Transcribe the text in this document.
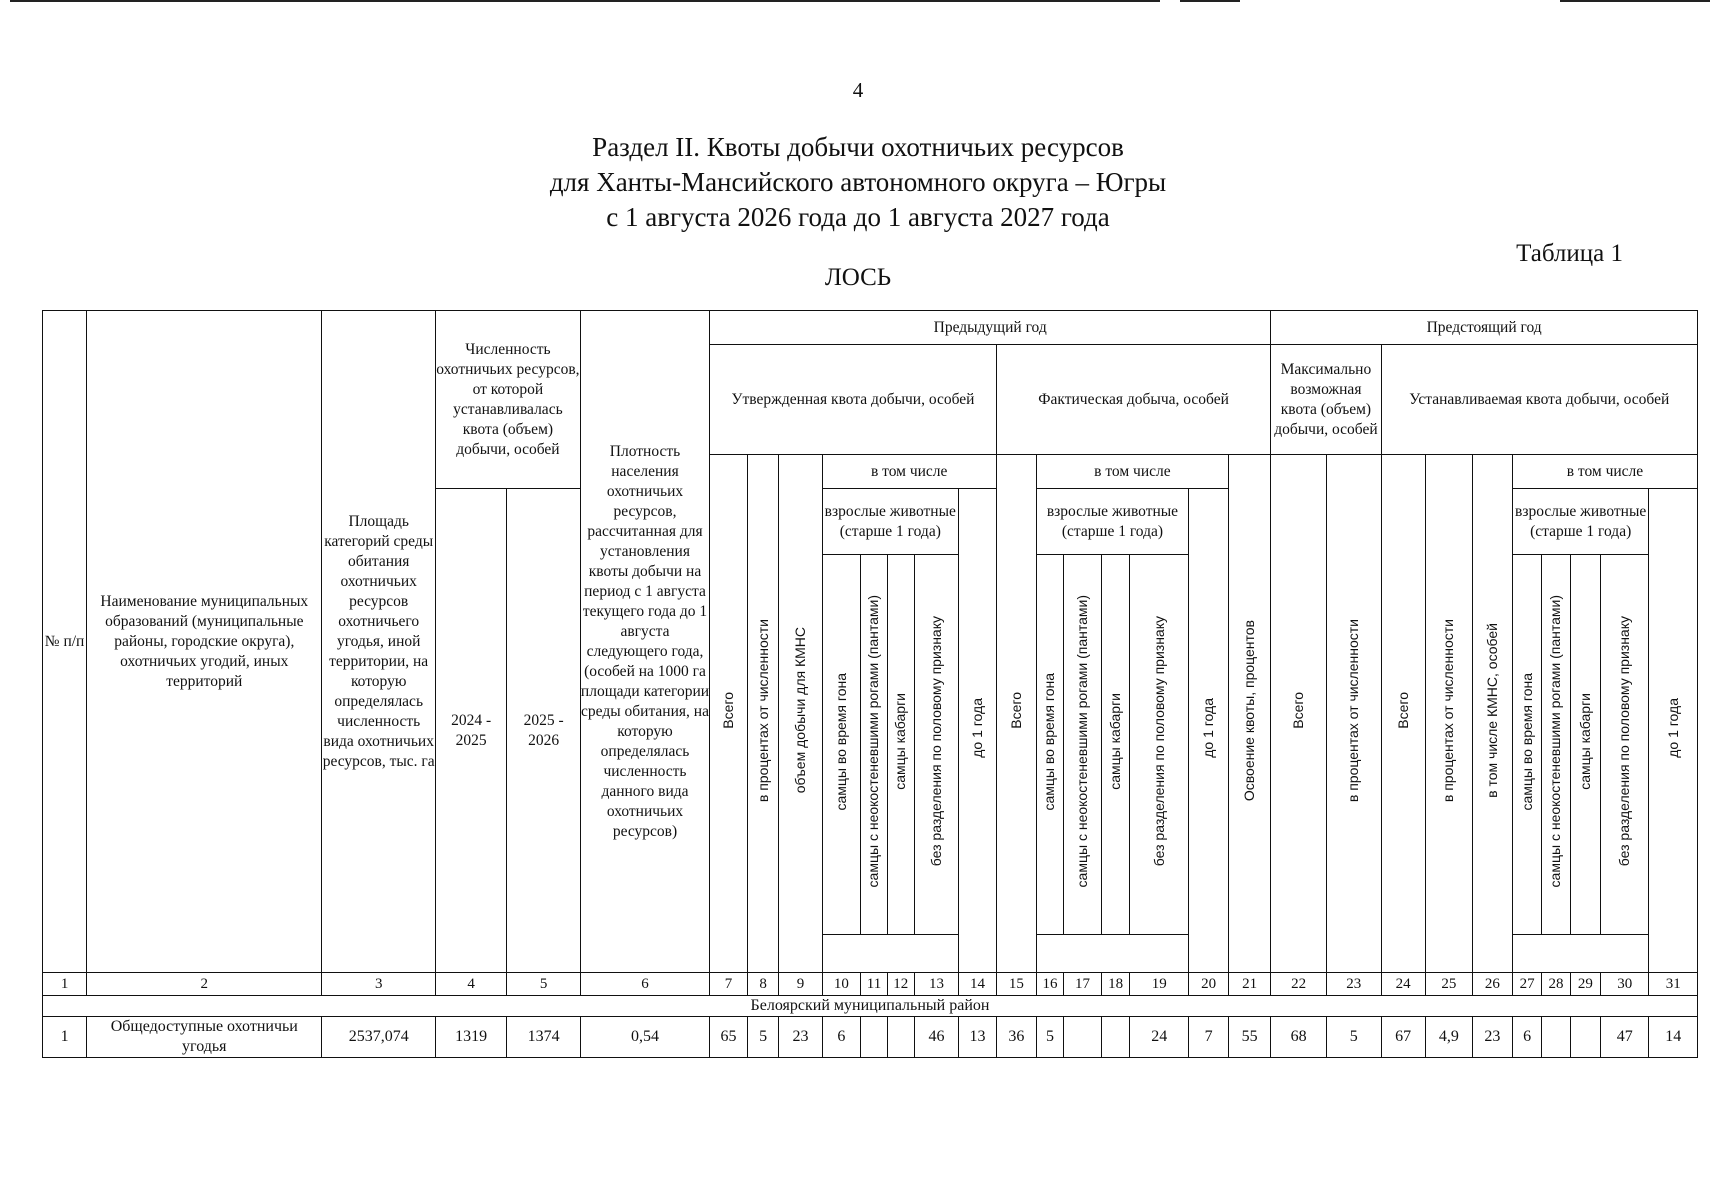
4
Раздел II. Квоты добычи охотничьих ресурсов
для Ханты-Мансийского автономного округа – Югры
с 1 августа 2026 года до 1 августа 2027 года
Таблица 1
ЛОСЬ
№ п/п	Наименование муниципальных образований (муниципальные районы, городские округа), охотничьих угодий, иных территорий	Площадь категорий среды обитания охотничьих ресурсов охотничьего угодья, иной территории, на которую определялась численность вида охотничьих ресурсов, тыс. га	Численность охотничьих ресурсов, от которой устанавливалась квота (объем) добычи, особей		Плотность населения охотничьих ресурсов, рассчитанная для установления квоты добычи на период с 1 августа текущего года до 1 августа следующего года, (особей на 1000 га площади категории среды обитания, на которую определялась численность данного вида охотничьих ресурсов)	Предыдущий год															Предстоящий год									
						Утвержденная квота добычи, особей								Фактическая добыча, особей							Максимально возможная квота (объем) добычи, особей		Устанавливаемая квота добычи, особей							
						Всего	в процентах от численности	объем добычи для КМНС	в том числе					Всего	в том числе					Освоение квоты, процентов	Всего	в процентах от численности	Всего	в процентах от численности	в том числе КМНС, особей	в том числе				
			2024 - 2025	2025 - 2026					взрослые животные (старше 1 года)				до 1 года		взрослые животные (старше 1 года)				до 1 года							взрослые животные (старше 1 года)				до 1 года
									самцы во время гона	самцы с неокостеневшими рогами (пантами)	самцы кабарги	без разделения по половому признаку			самцы во время гона	самцы с неокостеневшими рогами (пантами)	самцы кабарги	без разделения по половому признаку								самцы во время гона	самцы с неокостеневшими рогами (пантами)	самцы кабарги	без разделения по половому признаку	

1	2	3	4	5	6	7	8	9	10	11	12	13	14	15	16	17	18	19	20	21	22	23	24	25	26	27	28	29	30	31
Белоярский муниципальный район																														
1	Общедоступные охотничьи угодья	2537,074	1319	1374	0,54	65	5	23	6			46	13	36	5			24	7	55	68	5	67	4,9	23	6			47	14
